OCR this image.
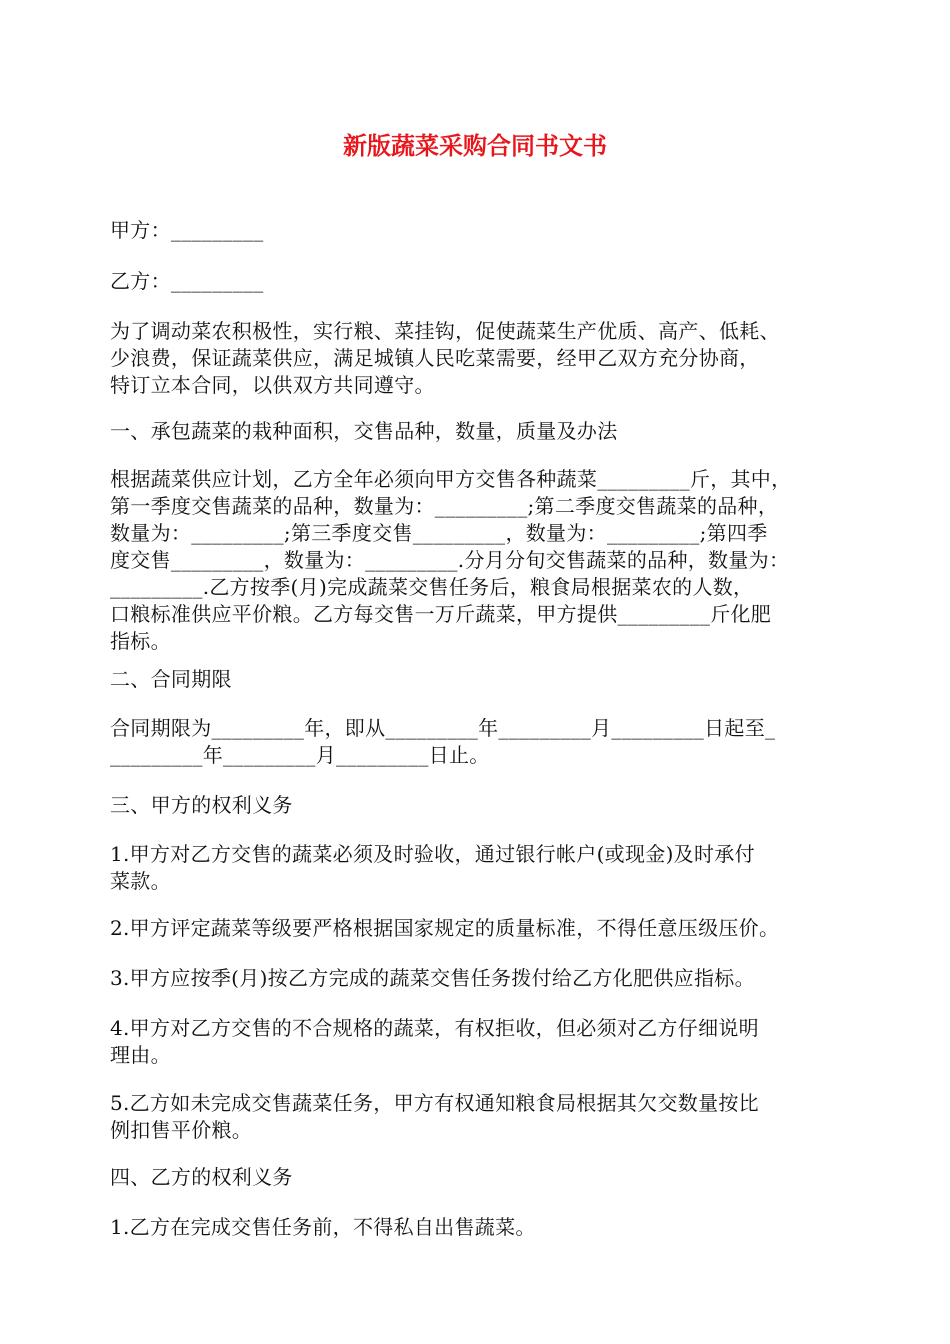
新版蔬菜采购合同书文书

甲方：_________

乙方：_________

为了调动菜农积极性，实行粮、菜挂钩，促使蔬菜生产优质、高产、低耗、
少浪费，保证蔬菜供应，满足城镇人民吃菜需要，经甲乙双方充分协商，
特订立本合同，以供双方共同遵守。

一、承包蔬菜的栽种面积，交售品种，数量，质量及办法

根据蔬菜供应计划，乙方全年必须向甲方交售各种蔬菜_________斤，其中，
第一季度交售蔬菜的品种，数量为：_________;第二季度交售蔬菜的品种，
数量为：_________;第三季度交售_________，数量为：_________;第四季
度交售_________，数量为：_________.分月分旬交售蔬菜的品种，数量为：
_________.乙方按季(月)完成蔬菜交售任务后，粮食局根据菜农的人数，
口粮标准供应平价粮。乙方每交售一万斤蔬菜，甲方提供_________斤化肥
指标。

二、合同期限

合同期限为_________年，即从_________年_________月_________日起至_
_________年_________月_________日止。

三、甲方的权利义务

1.甲方对乙方交售的蔬菜必须及时验收，通过银行帐户(或现金)及时承付
菜款。

2.甲方评定蔬菜等级要严格根据国家规定的质量标准，不得任意压级压价。

3.甲方应按季(月)按乙方完成的蔬菜交售任务拨付给乙方化肥供应指标。

4.甲方对乙方交售的不合规格的蔬菜，有权拒收，但必须对乙方仔细说明
理由。

5.乙方如未完成交售蔬菜任务，甲方有权通知粮食局根据其欠交数量按比
例扣售平价粮。

四、乙方的权利义务

1.乙方在完成交售任务前，不得私自出售蔬菜。
